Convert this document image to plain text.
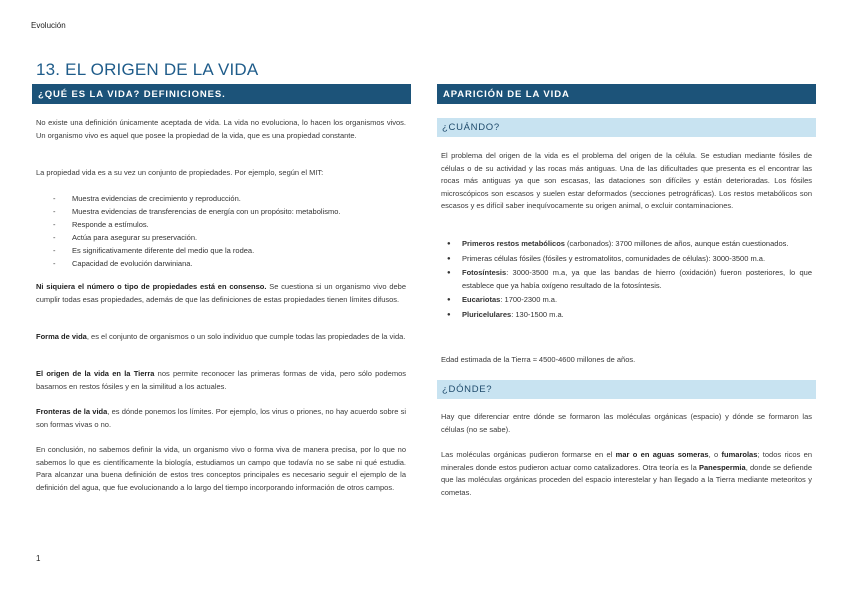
Evolución
13. EL ORIGEN DE LA VIDA
¿QUÉ ES LA VIDA? DEFINICIONES.

No existe una definición únicamente aceptada de vida. La vida no evoluciona, lo hacen los organismos vivos. Un organismo vivo es aquel que posee la propiedad de la vida, que es una propiedad constante.

La propiedad vida es a su vez un conjunto de propiedades. Por ejemplo, según el MIT:

- Muestra evidencias de crecimiento y reproducción.
- Muestra evidencias de transferencias de energía con un propósito: metabolismo.
- Responde a estímulos.
- Actúa para asegurar su preservación.
- Es significativamente diferente del medio que la rodea.
- Capacidad de evolución darwiniana.

Ni siquiera el número o tipo de propiedades está en consenso. Se cuestiona si un organismo vivo debe cumplir todas esas propiedades, además de que las definiciones de estas propiedades tienen límites difusos.

Forma de vida, es el conjunto de organismos o un solo individuo que cumple todas las propiedades de la vida.

El origen de la vida en la Tierra nos permite reconocer las primeras formas de vida, pero sólo podemos basarnos en restos fósiles y en la similitud a los actuales.

Fronteras de la vida, es dónde ponemos los límites. Por ejemplo, los virus o priones, no hay acuerdo sobre si son formas vivas o no.

En conclusión, no sabemos definir la vida, un organismo vivo o forma viva de manera precisa, por lo que no sabemos lo que es científicamente la biología, estudiamos un campo que todavía no se sabe ni qué estudia. Para alcanzar una buena definición de estos tres conceptos principales es necesario seguir el ejemplo de la definición del agua, que fue evolucionando a lo largo del tiempo incorporando información de otros campos.

APARICIÓN DE LA VIDA
¿CUÁNDO?

El problema del origen de la vida es el problema del origen de la célula. Se estudian mediante fósiles de células o de su actividad y las rocas más antiguas. Una de las dificultades que presenta es el encontrar las rocas más antiguas ya que son escasas, las dataciones son difíciles y están deterioradas. Los fósiles microscópicos son escasos y suelen estar deformados (secciones petrográficas). Los restos metabólicos son escasos y es difícil saber inequívocamente su origen animal, o excluir contaminaciones.

● Primeros restos metabólicos (carbonados): 3700 millones de años, aunque están cuestionados.
● Primeras células fósiles (fósiles y estromatolitos, comunidades de células): 3000-3500 m.a.
● Fotosíntesis: 3000-3500 m.a, ya que las bandas de hierro (oxidación) fueron posteriores, lo que establece que ya había oxígeno resultado de la fotosíntesis.
● Eucariotas: 1700-2300 m.a.
● Pluricelulares: 130-1500 m.a.

Edad estimada de la Tierra ≈ 4500-4600 millones de años.

¿DÓNDE?

Hay que diferenciar entre dónde se formaron las moléculas orgánicas (espacio) y dónde se formaron las células (no se sabe).

Las moléculas orgánicas pudieron formarse en el mar o en aguas someras, o fumarolas; todos ricos en minerales donde estos pudieron actuar como catalizadores. Otra teoría es la Panespermia, donde se defiende que las moléculas orgánicas proceden del espacio interestelar y han llegado a la Tierra mediante meteoritos y cometas.

1
